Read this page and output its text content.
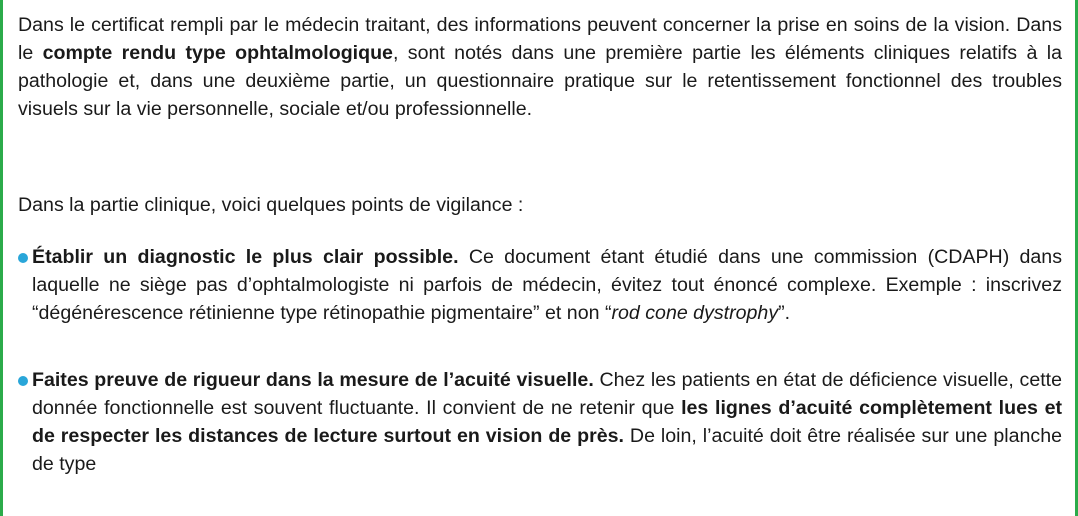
Dans le certificat rempli par le médecin traitant, des informations peuvent concerner la prise en soins de la vision. Dans le compte rendu type ophtalmologique, sont notés dans une première partie les éléments cliniques relatifs à la pathologie et, dans une deuxième partie, un questionnaire pratique sur le retentissement fonctionnel des troubles visuels sur la vie personnelle, sociale et/ou professionnelle.

Dans la partie clinique, voici quelques points de vigilance :

Établir un diagnostic le plus clair possible. Ce document étant étudié dans une commission (CDAPH) dans laquelle ne siège pas d’ophtalmologiste ni parfois de médecin, évitez tout énoncé complexe. Exemple : inscrivez “dégénérescence rétinienne type rétinopathie pigmentaire” et non “rod cone dystrophy”.

Faites preuve de rigueur dans la mesure de l’acuité visuelle. Chez les patients en état de déficience visuelle, cette donnée fonctionnelle est souvent fluctuante. Il convient de ne retenir que les lignes d’acuité complètement lues et de respecter les distances de lecture surtout en vision de près. De loin, l’acuité doit être réalisée sur une planche de type
